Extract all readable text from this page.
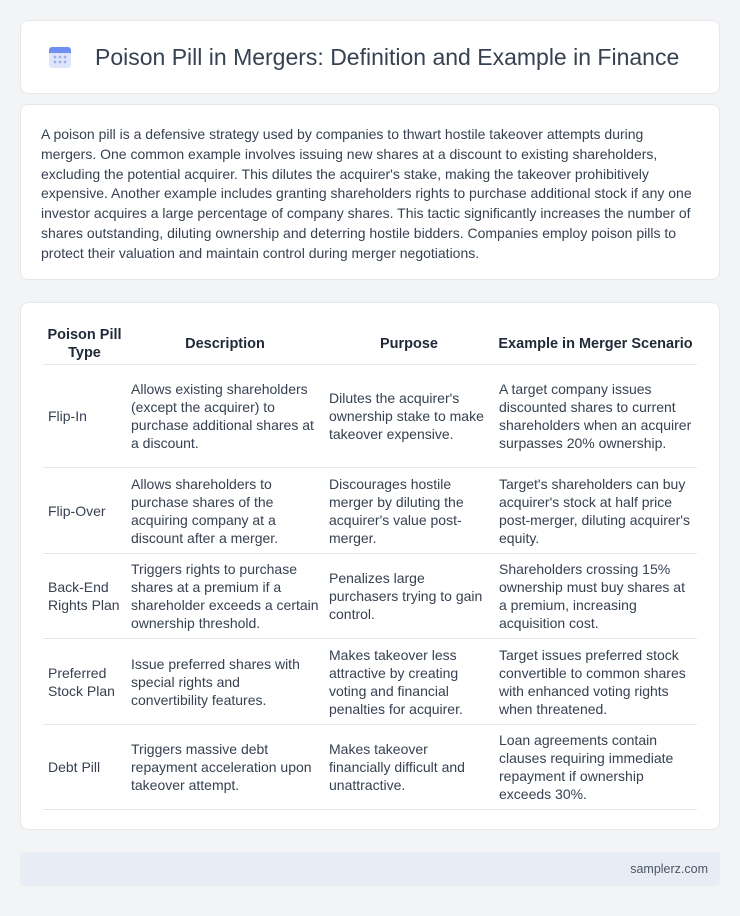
Poison Pill in Mergers: Definition and Example in Finance

A poison pill is a defensive strategy used by companies to thwart hostile takeover attempts during mergers. One common example involves issuing new shares at a discount to existing shareholders, excluding the potential acquirer. This dilutes the acquirer's stake, making the takeover prohibitively expensive. Another example includes granting shareholders rights to purchase additional stock if any one investor acquires a large percentage of company shares. This tactic significantly increases the number of shares outstanding, diluting ownership and deterring hostile bidders. Companies employ poison pills to protect their valuation and maintain control during merger negotiations.

Poison Pill Type	Description	Purpose	Example in Merger Scenario
Flip-In	Allows existing shareholders (except the acquirer) to purchase additional shares at a discount.	Dilutes the acquirer's ownership stake to make takeover expensive.	A target company issues discounted shares to current shareholders when an acquirer surpasses 20% ownership.
Flip-Over	Allows shareholders to purchase shares of the acquiring company at a discount after a merger.	Discourages hostile merger by diluting the acquirer's value post-merger.	Target's shareholders can buy acquirer's stock at half price post-merger, diluting acquirer's equity.
Back-End Rights Plan	Triggers rights to purchase shares at a premium if a shareholder exceeds a certain ownership threshold.	Penalizes large purchasers trying to gain control.	Shareholders crossing 15% ownership must buy shares at a premium, increasing acquisition cost.
Preferred Stock Plan	Issue preferred shares with special rights and convertibility features.	Makes takeover less attractive by creating voting and financial penalties for acquirer.	Target issues preferred stock convertible to common shares with enhanced voting rights when threatened.
Debt Pill	Triggers massive debt repayment acceleration upon takeover attempt.	Makes takeover financially difficult and unattractive.	Loan agreements contain clauses requiring immediate repayment if ownership exceeds 30%.
samplerz.com
